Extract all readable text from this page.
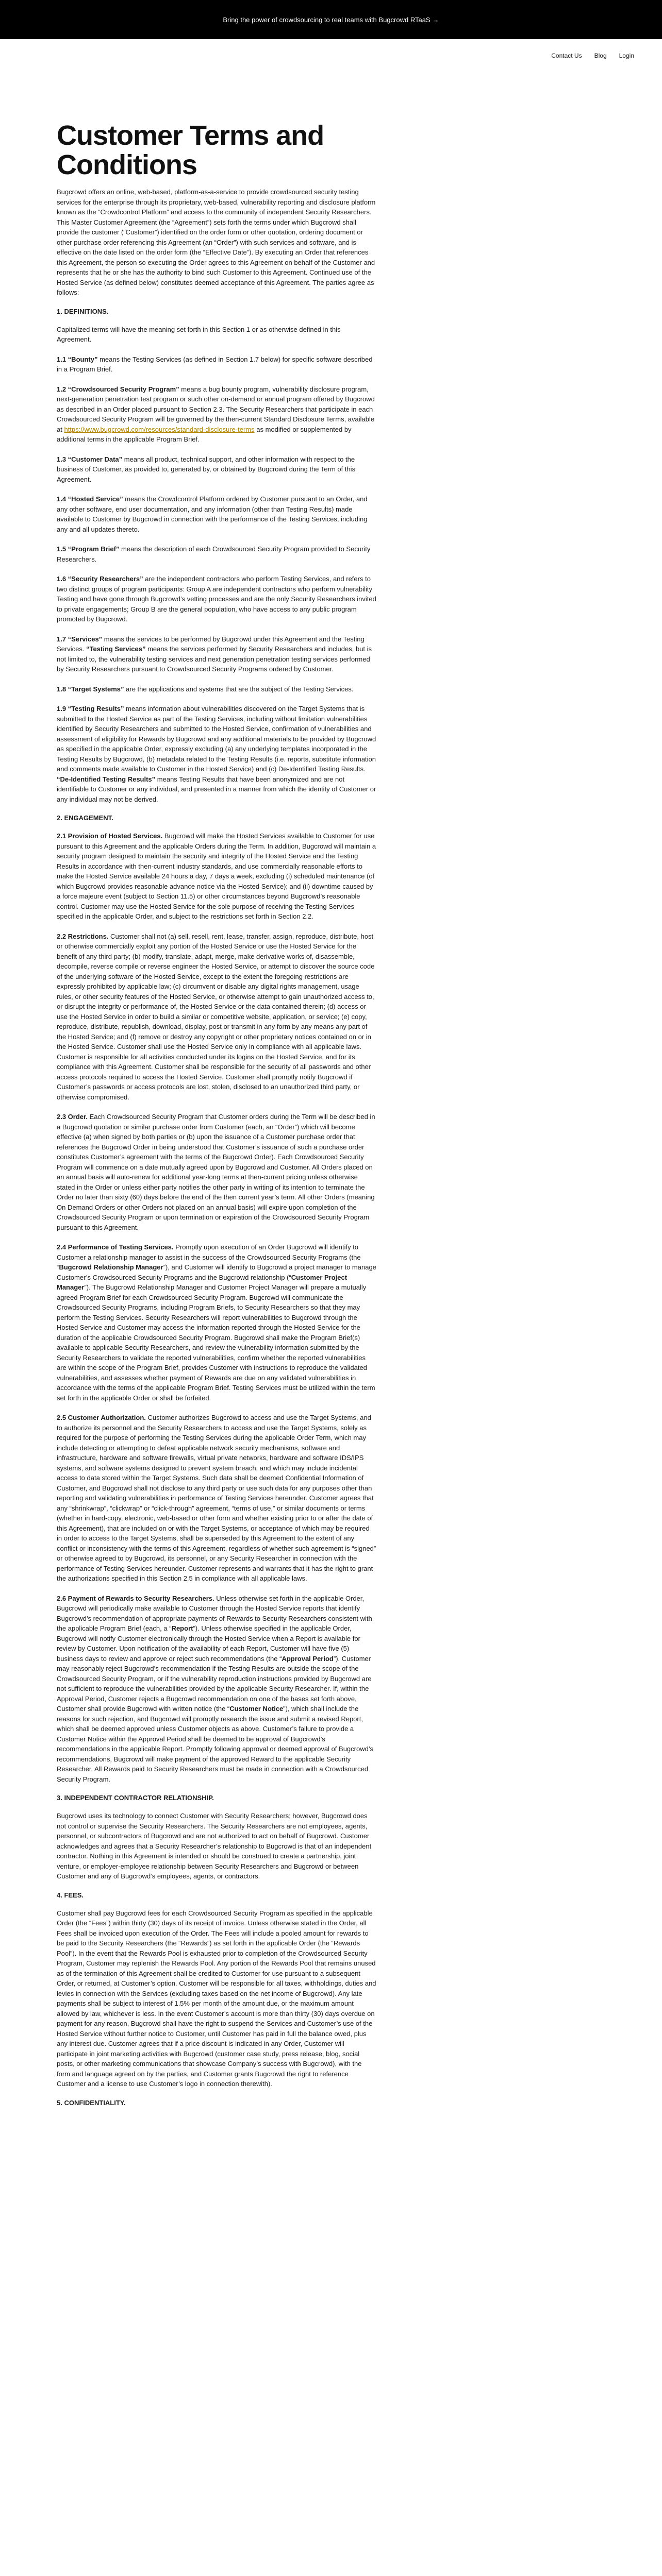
Bring the power of crowdsourcing to real teams with Bugcrowd RTaaS →
Contact Us Blog Login
Customer Terms and Conditions

Bugcrowd offers an online, web-based, platform-as-a-service to provide crowdsourced security testing services for the enterprise through its proprietary, web-based, vulnerability reporting and disclosure platform known as the “Crowdcontrol Platform” and access to the community of independent Security Researchers. This Master Customer Agreement (the “Agreement”) sets forth the terms under which Bugcrowd shall provide the customer (“Customer”) identified on the order form or other quotation, ordering document or other purchase order referencing this Agreement (an “Order”) with such services and software, and is effective on the date listed on the order form (the “Effective Date”). By executing an Order that references this Agreement, the person so executing the Order agrees to this Agreement on behalf of the Customer and represents that he or she has the authority to bind such Customer to this Agreement. Continued use of the Hosted Service (as defined below) constitutes deemed acceptance of this Agreement. The parties agree as follows:

1. DEFINITIONS.

Capitalized terms will have the meaning set forth in this Section 1 or as otherwise defined in this Agreement.

1.1 “Bounty” means the Testing Services (as defined in Section 1.7 below) for specific software described in a Program Brief.

1.2 “Crowdsourced Security Program” means a bug bounty program, vulnerability disclosure program, next-generation penetration test program or such other on-demand or annual program offered by Bugcrowd as described in an Order placed pursuant to Section 2.3. The Security Researchers that participate in each Crowdsourced Security Program will be governed by the then-current Standard Disclosure Terms, available at https://www.bugcrowd.com/resources/standard-disclosure-terms as modified or supplemented by additional terms in the applicable Program Brief.

1.3 “Customer Data” means all product, technical support, and other information with respect to the business of Customer, as provided to, generated by, or obtained by Bugcrowd during the Term of this Agreement.

1.4 “Hosted Service” means the Crowdcontrol Platform ordered by Customer pursuant to an Order, and any other software, end user documentation, and any information (other than Testing Results) made available to Customer by Bugcrowd in connection with the performance of the Testing Services, including any and all updates thereto.

1.5 “Program Brief” means the description of each Crowdsourced Security Program provided to Security Researchers.

1.6 “Security Researchers” are the independent contractors who perform Testing Services, and refers to two distinct groups of program participants: Group A are independent contractors who perform vulnerability Testing and have gone through Bugcrowd’s vetting processes and are the only Security Researchers invited to private engagements; Group B are the general population, who have access to any public program promoted by Bugcrowd.

1.7 “Services” means the services to be performed by Bugcrowd under this Agreement and the Testing Services. “Testing Services” means the services performed by Security Researchers and includes, but is not limited to, the vulnerability testing services and next generation penetration testing services performed by Security Researchers pursuant to Crowdsourced Security Programs ordered by Customer.

1.8 “Target Systems” are the applications and systems that are the subject of the Testing Services.

1.9 “Testing Results” means information about vulnerabilities discovered on the Target Systems that is submitted to the Hosted Service as part of the Testing Services, including without limitation vulnerabilities identified by Security Researchers and submitted to the Hosted Service, confirmation of vulnerabilities and assessment of eligibility for Rewards by Bugcrowd and any additional materials to be provided by Bugcrowd as specified in the applicable Order, expressly excluding (a) any underlying templates incorporated in the Testing Results by Bugcrowd, (b) metadata related to the Testing Results (i.e. reports, substitute information and comments made available to Customer in the Hosted Service) and (c) De-Identified Testing Results. “De-Identified Testing Results” means Testing Results that have been anonymized and are not identifiable to Customer or any individual, and presented in a manner from which the identity of Customer or any individual may not be derived.

2. ENGAGEMENT.

2.1 Provision of Hosted Services. Bugcrowd will make the Hosted Services available to Customer for use pursuant to this Agreement and the applicable Orders during the Term. In addition, Bugcrowd will maintain a security program designed to maintain the security and integrity of the Hosted Service and the Testing Results in accordance with then-current industry standards, and use commercially reasonable efforts to make the Hosted Service available 24 hours a day, 7 days a week, excluding (i) scheduled maintenance (of which Bugcrowd provides reasonable advance notice via the Hosted Service); and (ii) downtime caused by a force majeure event (subject to Section 11.5) or other circumstances beyond Bugcrowd’s reasonable control. Customer may use the Hosted Service for the sole purpose of receiving the Testing Services specified in the applicable Order, and subject to the restrictions set forth in Section 2.2.

2.2 Restrictions. Customer shall not (a) sell, resell, rent, lease, transfer, assign, reproduce, distribute, host or otherwise commercially exploit any portion of the Hosted Service or use the Hosted Service for the benefit of any third party; (b) modify, translate, adapt, merge, make derivative works of, disassemble, decompile, reverse compile or reverse engineer the Hosted Service, or attempt to discover the source code of the underlying software of the Hosted Service, except to the extent the foregoing restrictions are expressly prohibited by applicable law; (c) circumvent or disable any digital rights management, usage rules, or other security features of the Hosted Service, or otherwise attempt to gain unauthorized access to, or disrupt the integrity or performance of, the Hosted Service or the data contained therein; (d) access or use the Hosted Service in order to build a similar or competitive website, application, or service; (e) copy, reproduce, distribute, republish, download, display, post or transmit in any form by any means any part of the Hosted Service; and (f) remove or destroy any copyright or other proprietary notices contained on or in the Hosted Service. Customer shall use the Hosted Service only in compliance with all applicable laws. Customer is responsible for all activities conducted under its logins on the Hosted Service, and for its compliance with this Agreement. Customer shall be responsible for the security of all passwords and other access protocols required to access the Hosted Service. Customer shall promptly notify Bugcrowd if Customer’s passwords or access protocols are lost, stolen, disclosed to an unauthorized third party, or otherwise compromised.

2.3 Order. Each Crowdsourced Security Program that Customer orders during the Term will be described in a Bugcrowd quotation or similar purchase order from Customer (each, an “Order”) which will become effective (a) when signed by both parties or (b) upon the issuance of a Customer purchase order that references the Bugcrowd Order in being understood that Customer’s issuance of such a purchase order constitutes Customer’s agreement with the terms of the Bugcrowd Order). Each Crowdsourced Security Program will commence on a date mutually agreed upon by Bugcrowd and Customer. All Orders placed on an annual basis will auto-renew for additional year-long terms at then-current pricing unless otherwise stated in the Order or unless either party notifies the other party in writing of its intention to terminate the Order no later than sixty (60) days before the end of the then current year’s term. All other Orders (meaning On Demand Orders or other Orders not placed on an annual basis) will expire upon completion of the Crowdsourced Security Program or upon termination or expiration of the Crowdsourced Security Program pursuant to this Agreement.

2.4 Performance of Testing Services. Promptly upon execution of an Order Bugcrowd will identify to Customer a relationship manager to assist in the success of the Crowdsourced Security Programs (the “Bugcrowd Relationship Manager”), and Customer will identify to Bugcrowd a project manager to manage Customer’s Crowdsourced Security Programs and the Bugcrowd relationship (“Customer Project Manager”). The Bugcrowd Relationship Manager and Customer Project Manager will prepare a mutually agreed Program Brief for each Crowdsourced Security Program. Bugcrowd will communicate the Crowdsourced Security Programs, including Program Briefs, to Security Researchers so that they may perform the Testing Services. Security Researchers will report vulnerabilities to Bugcrowd through the Hosted Service and Customer may access the information reported through the Hosted Service for the duration of the applicable Crowdsourced Security Program. Bugcrowd shall make the Program Brief(s) available to applicable Security Researchers, and review the vulnerability information submitted by the Security Researchers to validate the reported vulnerabilities, confirm whether the reported vulnerabilities are within the scope of the Program Brief, provides Customer with instructions to reproduce the validated vulnerabilities, and assesses whether payment of Rewards are due on any validated vulnerabilities in accordance with the terms of the applicable Program Brief. Testing Services must be utilized within the term set forth in the applicable Order or shall be forfeited.

2.5 Customer Authorization. Customer authorizes Bugcrowd to access and use the Target Systems, and to authorize its personnel and the Security Researchers to access and use the Target Systems, solely as required for the purpose of performing the Testing Services during the applicable Order Term, which may include detecting or attempting to defeat applicable network security mechanisms, software and infrastructure, hardware and software firewalls, virtual private networks, hardware and software IDS/IPS systems, and software systems designed to prevent system breach, and which may include incidental access to data stored within the Target Systems. Such data shall be deemed Confidential Information of Customer, and Bugcrowd shall not disclose to any third party or use such data for any purposes other than reporting and validating vulnerabilities in performance of Testing Services hereunder. Customer agrees that any “shrinkwrap”, “clickwrap” or “click-through” agreement, “terms of use,” or similar documents or terms (whether in hard-copy, electronic, web-based or other form and whether existing prior to or after the date of this Agreement), that are included on or with the Target Systems, or acceptance of which may be required in order to access to the Target Systems, shall be superseded by this Agreement to the extent of any conflict or inconsistency with the terms of this Agreement, regardless of whether such agreement is “signed” or otherwise agreed to by Bugcrowd, its personnel, or any Security Researcher in connection with the performance of Testing Services hereunder. Customer represents and warrants that it has the right to grant the authorizations specified in this Section 2.5 in compliance with all applicable laws.

2.6 Payment of Rewards to Security Researchers. Unless otherwise set forth in the applicable Order, Bugcrowd will periodically make available to Customer through the Hosted Service reports that identify Bugcrowd’s recommendation of appropriate payments of Rewards to Security Researchers consistent with the applicable Program Brief (each, a “Report”). Unless otherwise specified in the applicable Order, Bugcrowd will notify Customer electronically through the Hosted Service when a Report is available for review by Customer. Upon notification of the availability of each Report, Customer will have five (5) business days to review and approve or reject such recommendations (the “Approval Period”). Customer may reasonably reject Bugcrowd’s recommendation if the Testing Results are outside the scope of the Crowdsourced Security Program, or if the vulnerability reproduction instructions provided by Bugcrowd are not sufficient to reproduce the vulnerabilities provided by the applicable Security Researcher. If, within the Approval Period, Customer rejects a Bugcrowd recommendation on one of the bases set forth above, Customer shall provide Bugcrowd with written notice (the “Customer Notice”), which shall include the reasons for such rejection, and Bugcrowd will promptly research the issue and submit a revised Report, which shall be deemed approved unless Customer objects as above. Customer’s failure to provide a Customer Notice within the Approval Period shall be deemed to be approval of Bugcrowd’s recommendations in the applicable Report. Promptly following approval or deemed approval of Bugcrowd’s recommendations, Bugcrowd will make payment of the approved Reward to the applicable Security Researcher. All Rewards paid to Security Researchers must be made in connection with a Crowdsourced Security Program.

3. INDEPENDENT CONTRACTOR RELATIONSHIP.

Bugcrowd uses its technology to connect Customer with Security Researchers; however, Bugcrowd does not control or supervise the Security Researchers. The Security Researchers are not employees, agents, personnel, or subcontractors of Bugcrowd and are not authorized to act on behalf of Bugcrowd. Customer acknowledges and agrees that a Security Researcher’s relationship to Bugcrowd is that of an independent contractor. Nothing in this Agreement is intended or should be construed to create a partnership, joint venture, or employer-employee relationship between Security Researchers and Bugcrowd or between Customer and any of Bugcrowd’s employees, agents, or contractors.

4. FEES.

Customer shall pay Bugcrowd fees for each Crowdsourced Security Program as specified in the applicable Order (the “Fees”) within thirty (30) days of its receipt of invoice. Unless otherwise stated in the Order, all Fees shall be invoiced upon execution of the Order. The Fees will include a pooled amount for rewards to be paid to the Security Researchers (the “Rewards”) as set forth in the applicable Order (the “Rewards Pool”). In the event that the Rewards Pool is exhausted prior to completion of the Crowdsourced Security Program, Customer may replenish the Rewards Pool. Any portion of the Rewards Pool that remains unused as of the termination of this Agreement shall be credited to Customer for use pursuant to a subsequent Order, or returned, at Customer’s option. Customer will be responsible for all taxes, withholdings, duties and levies in connection with the Services (excluding taxes based on the net income of Bugcrowd). Any late payments shall be subject to interest of 1.5% per month of the amount due, or the maximum amount allowed by law, whichever is less. In the event Customer’s account is more than thirty (30) days overdue on payment for any reason, Bugcrowd shall have the right to suspend the Services and Customer’s use of the Hosted Service without further notice to Customer, until Customer has paid in full the balance owed, plus any interest due. Customer agrees that if a price discount is indicated in any Order, Customer will participate in joint marketing activities with Bugcrowd (customer case study, press release, blog, social posts, or other marketing communications that showcase Company’s success with Bugcrowd), with the form and language agreed on by the parties, and Customer grants Bugcrowd the right to reference Customer and a license to use Customer’s logo in connection therewith).

5. CONFIDENTIALITY.
